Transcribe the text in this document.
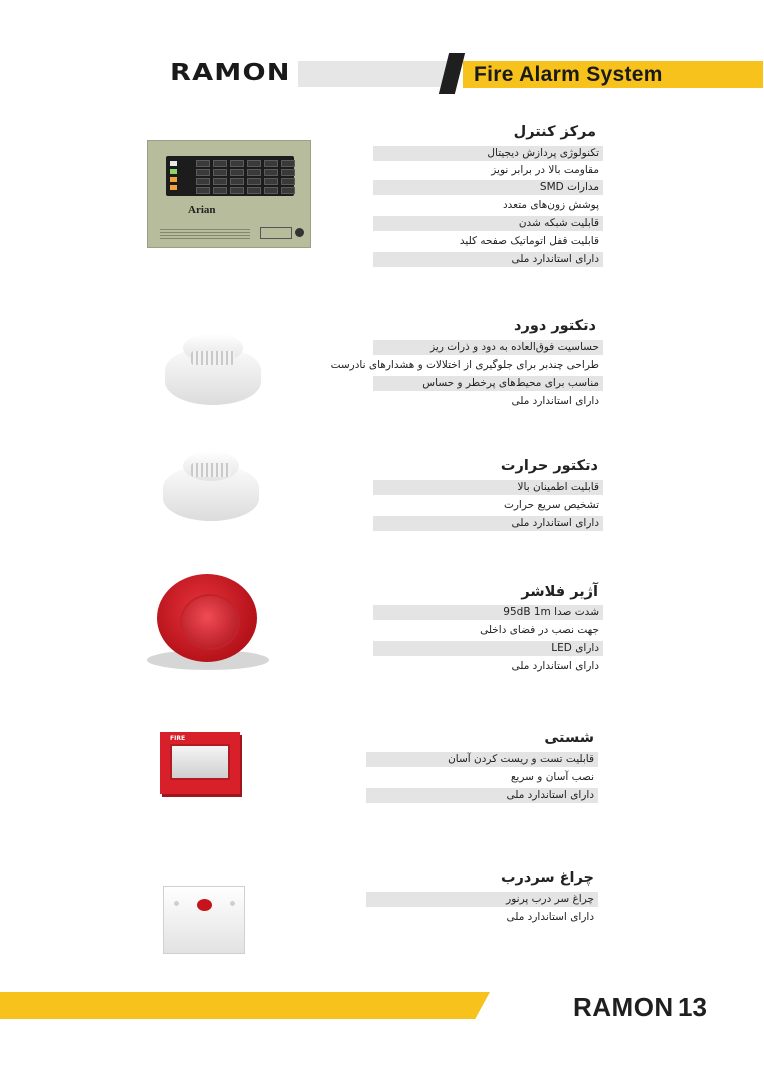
RAMON	Fire Alarm System
Arian
مرکز کنترل
تکنولوژی پردازش دیجیتال
مقاومت بالا در برابر نویز
مدارات SMD
پوشش زون‌های متعدد
قابلیت شبکه شدن
قابلیت قفل اتوماتیک صفحه کلید
دارای استاندارد ملی
دتکتور دورد
حساسیت فوق‌العاده به دود و ذرات ریز
طراحی چندبر برای جلوگیری از اختلالات و هشدارهای نادرست
مناسب برای محیط‌های پرخطر و حساس
دارای استاندارد ملی
دتکتور حرارت
قابلیت اطمینان بالا
تشخیص سریع حرارت
دارای استاندارد ملی
آژیر فلاشر
شدت صدا 95dB 1m
جهت نصب در فضای داخلی
دارای LED
دارای استاندارد ملی
FIRE	شستی
قابلیت تست و ریست کردن آسان
نصب آسان و سریع
دارای استاندارد ملی
چراغ سردرب
چراغ سر درب پرنور
دارای استاندارد ملی
RAMON 13
